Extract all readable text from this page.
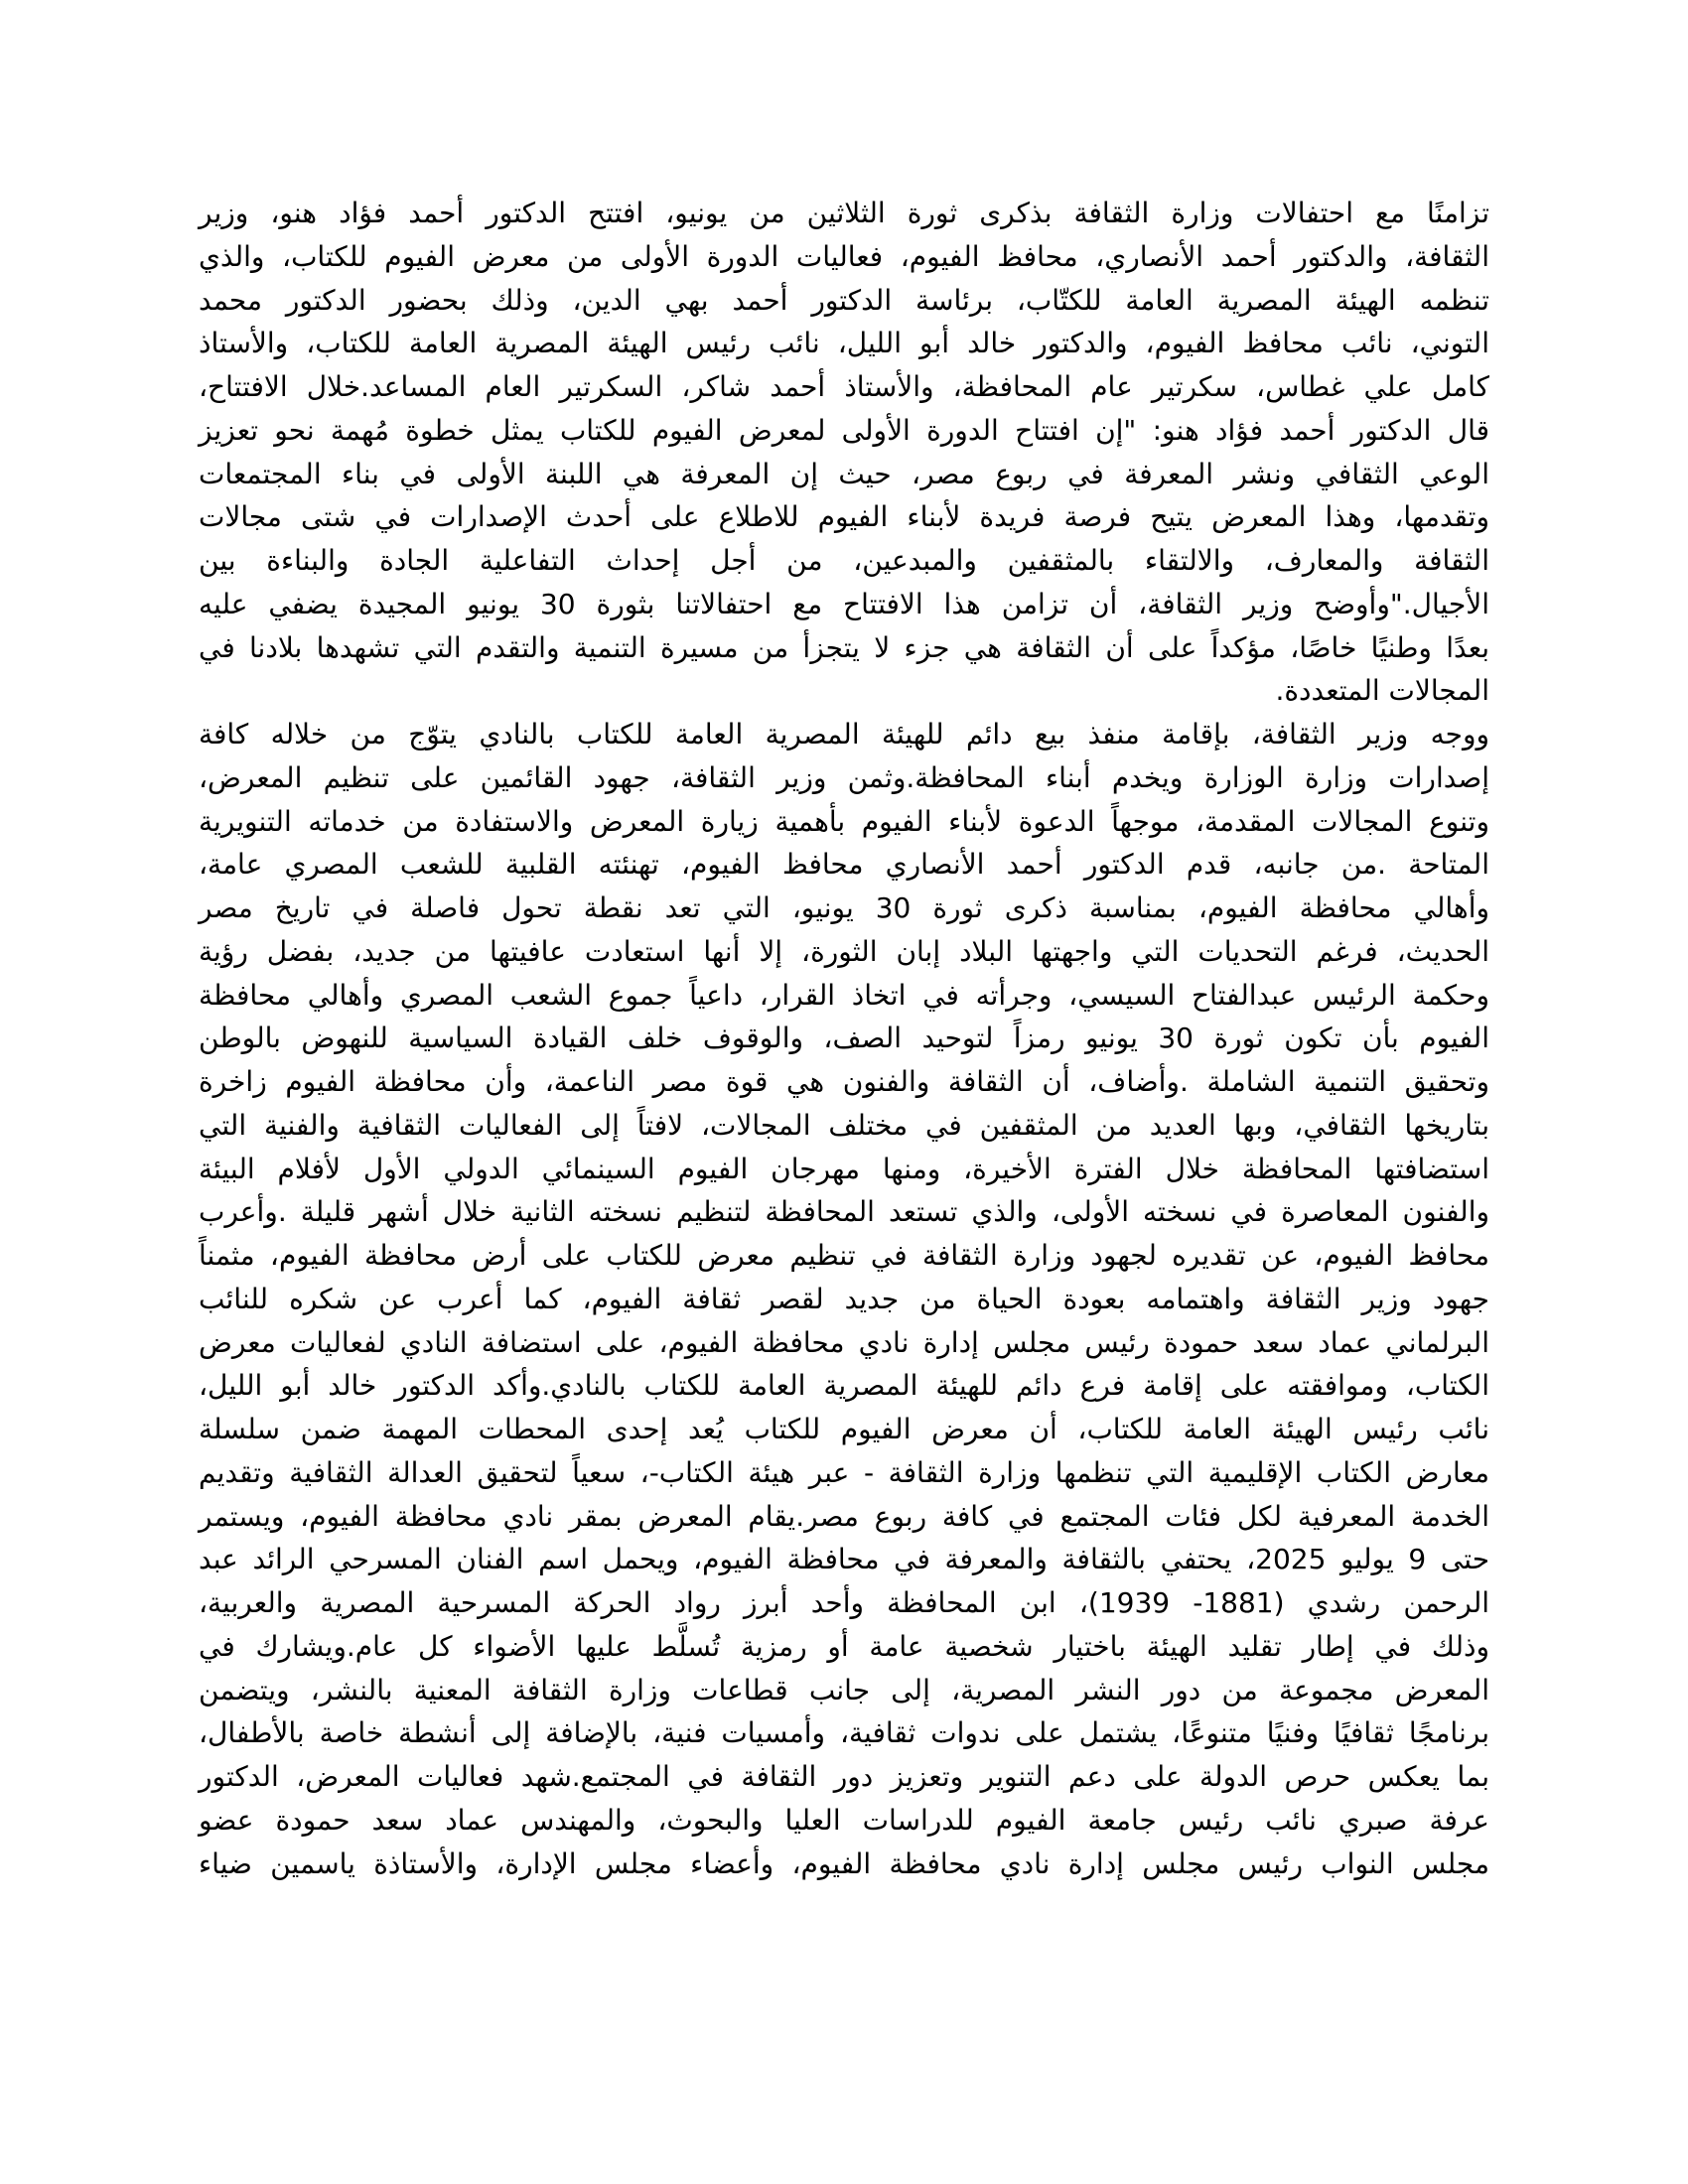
تزامنًا مع احتفالات وزارة الثقافة بذكرى ثورة الثلاثين من يونيو، افتتح الدكتور أحمد فؤاد هنو، وزير
الثقافة، والدكتور أحمد الأنصاري، محافظ الفيوم، فعاليات الدورة الأولى من معرض الفيوم للكتاب، والذي
تنظمه الهيئة المصرية العامة للكتّاب، برئاسة الدكتور أحمد بهي الدين، وذلك بحضور الدكتور محمد
التوني، نائب محافظ الفيوم، والدكتور خالد أبو الليل، نائب رئيس الهيئة المصرية العامة للكتاب، والأستاذ
كامل علي غطاس، سكرتير عام المحافظة، والأستاذ أحمد شاكر، السكرتير العام المساعد.خلال الافتتاح،
قال الدكتور أحمد فؤاد هنو: "إن افتتاح الدورة الأولى لمعرض الفيوم للكتاب يمثل خطوة مُهمة نحو تعزيز
الوعي الثقافي ونشر المعرفة في ربوع مصر، حيث إن المعرفة هي اللبنة الأولى في بناء المجتمعات
وتقدمها، وهذا المعرض يتيح فرصة فريدة لأبناء الفيوم للاطلاع على أحدث الإصدارات في شتى مجالات
الثقافة والمعارف، والالتقاء بالمثقفين والمبدعين، من أجل إحداث التفاعلية الجادة والبناءة بين
الأجيال."وأوضح وزير الثقافة، أن تزامن هذا الافتتاح مع احتفالاتنا بثورة 30 يونيو المجيدة يضفي عليه
بعدًا وطنيًا خاصًا، مؤكداً على أن الثقافة هي جزء لا يتجزأ من مسيرة التنمية والتقدم التي تشهدها بلادنا في
المجالات المتعددة.
ووجه وزير الثقافة، بإقامة منفذ بيع دائم للهيئة المصرية العامة للكتاب بالنادي يتوّج من خلاله كافة
إصدارات وزارة الوزارة ويخدم أبناء المحافظة.وثمن وزير الثقافة، جهود القائمين على تنظيم المعرض،
وتنوع المجالات المقدمة، موجهاً الدعوة لأبناء الفيوم بأهمية زيارة المعرض والاستفادة من خدماته التنويرية
المتاحة .من جانبه، قدم الدكتور أحمد الأنصاري محافظ الفيوم، تهنئته القلبية للشعب المصري عامة،
وأهالي محافظة الفيوم، بمناسبة ذكرى ثورة 30 يونيو، التي تعد نقطة تحول فاصلة في تاريخ مصر
الحديث، فرغم التحديات التي واجهتها البلاد إبان الثورة، إلا أنها استعادت عافيتها من جديد، بفضل رؤية
وحكمة الرئيس عبدالفتاح السيسي، وجرأته في اتخاذ القرار، داعياً جموع الشعب المصري وأهالي محافظة
الفيوم بأن تكون ثورة 30 يونيو رمزاً لتوحيد الصف، والوقوف خلف القيادة السياسية للنهوض بالوطن
وتحقيق التنمية الشاملة .وأضاف، أن الثقافة والفنون هي قوة مصر الناعمة، وأن محافظة الفيوم زاخرة
بتاريخها الثقافي، وبها العديد من المثقفين في مختلف المجالات، لافتاً إلى الفعاليات الثقافية والفنية التي
استضافتها المحافظة خلال الفترة الأخيرة، ومنها مهرجان الفيوم السينمائي الدولي الأول لأفلام البيئة
والفنون المعاصرة في نسخته الأولى، والذي تستعد المحافظة لتنظيم نسخته الثانية خلال أشهر قليلة .وأعرب
محافظ الفيوم، عن تقديره لجهود وزارة الثقافة في تنظيم معرض للكتاب على أرض محافظة الفيوم، مثمناً
جهود وزير الثقافة واهتمامه بعودة الحياة من جديد لقصر ثقافة الفيوم، كما أعرب عن شكره للنائب
البرلماني عماد سعد حمودة رئيس مجلس إدارة نادي محافظة الفيوم، على استضافة النادي لفعاليات معرض
الكتاب، وموافقته على إقامة فرع دائم للهيئة المصرية العامة للكتاب بالنادي.وأكد الدكتور خالد أبو الليل،
نائب رئيس الهيئة العامة للكتاب، أن معرض الفيوم للكتاب يُعد إحدى المحطات المهمة ضمن سلسلة
معارض الكتاب الإقليمية التي تنظمها وزارة الثقافة - عبر هيئة الكتاب-، سعياً لتحقيق العدالة الثقافية وتقديم
الخدمة المعرفية لكل فئات المجتمع في كافة ربوع مصر.يقام المعرض بمقر نادي محافظة الفيوم، ويستمر
حتى 9 يوليو 2025، يحتفي بالثقافة والمعرفة في محافظة الفيوم، ويحمل اسم الفنان المسرحي الرائد عبد
الرحمن رشدي (1881- 1939)، ابن المحافظة وأحد أبرز رواد الحركة المسرحية المصرية والعربية،
وذلك في إطار تقليد الهيئة باختيار شخصية عامة أو رمزية تُسلَّط عليها الأضواء كل عام.ويشارك في
المعرض مجموعة من دور النشر المصرية، إلى جانب قطاعات وزارة الثقافة المعنية بالنشر، ويتضمن
برنامجًا ثقافيًا وفنيًا متنوعًا، يشتمل على ندوات ثقافية، وأمسيات فنية، بالإضافة إلى أنشطة خاصة بالأطفال،
بما يعكس حرص الدولة على دعم التنوير وتعزيز دور الثقافة في المجتمع.شهد فعاليات المعرض، الدكتور
عرفة صبري نائب رئيس جامعة الفيوم للدراسات العليا والبحوث، والمهندس عماد سعد حمودة عضو
مجلس النواب رئيس مجلس إدارة نادي محافظة الفيوم، وأعضاء مجلس الإدارة، والأستاذة ياسمين ضياء
